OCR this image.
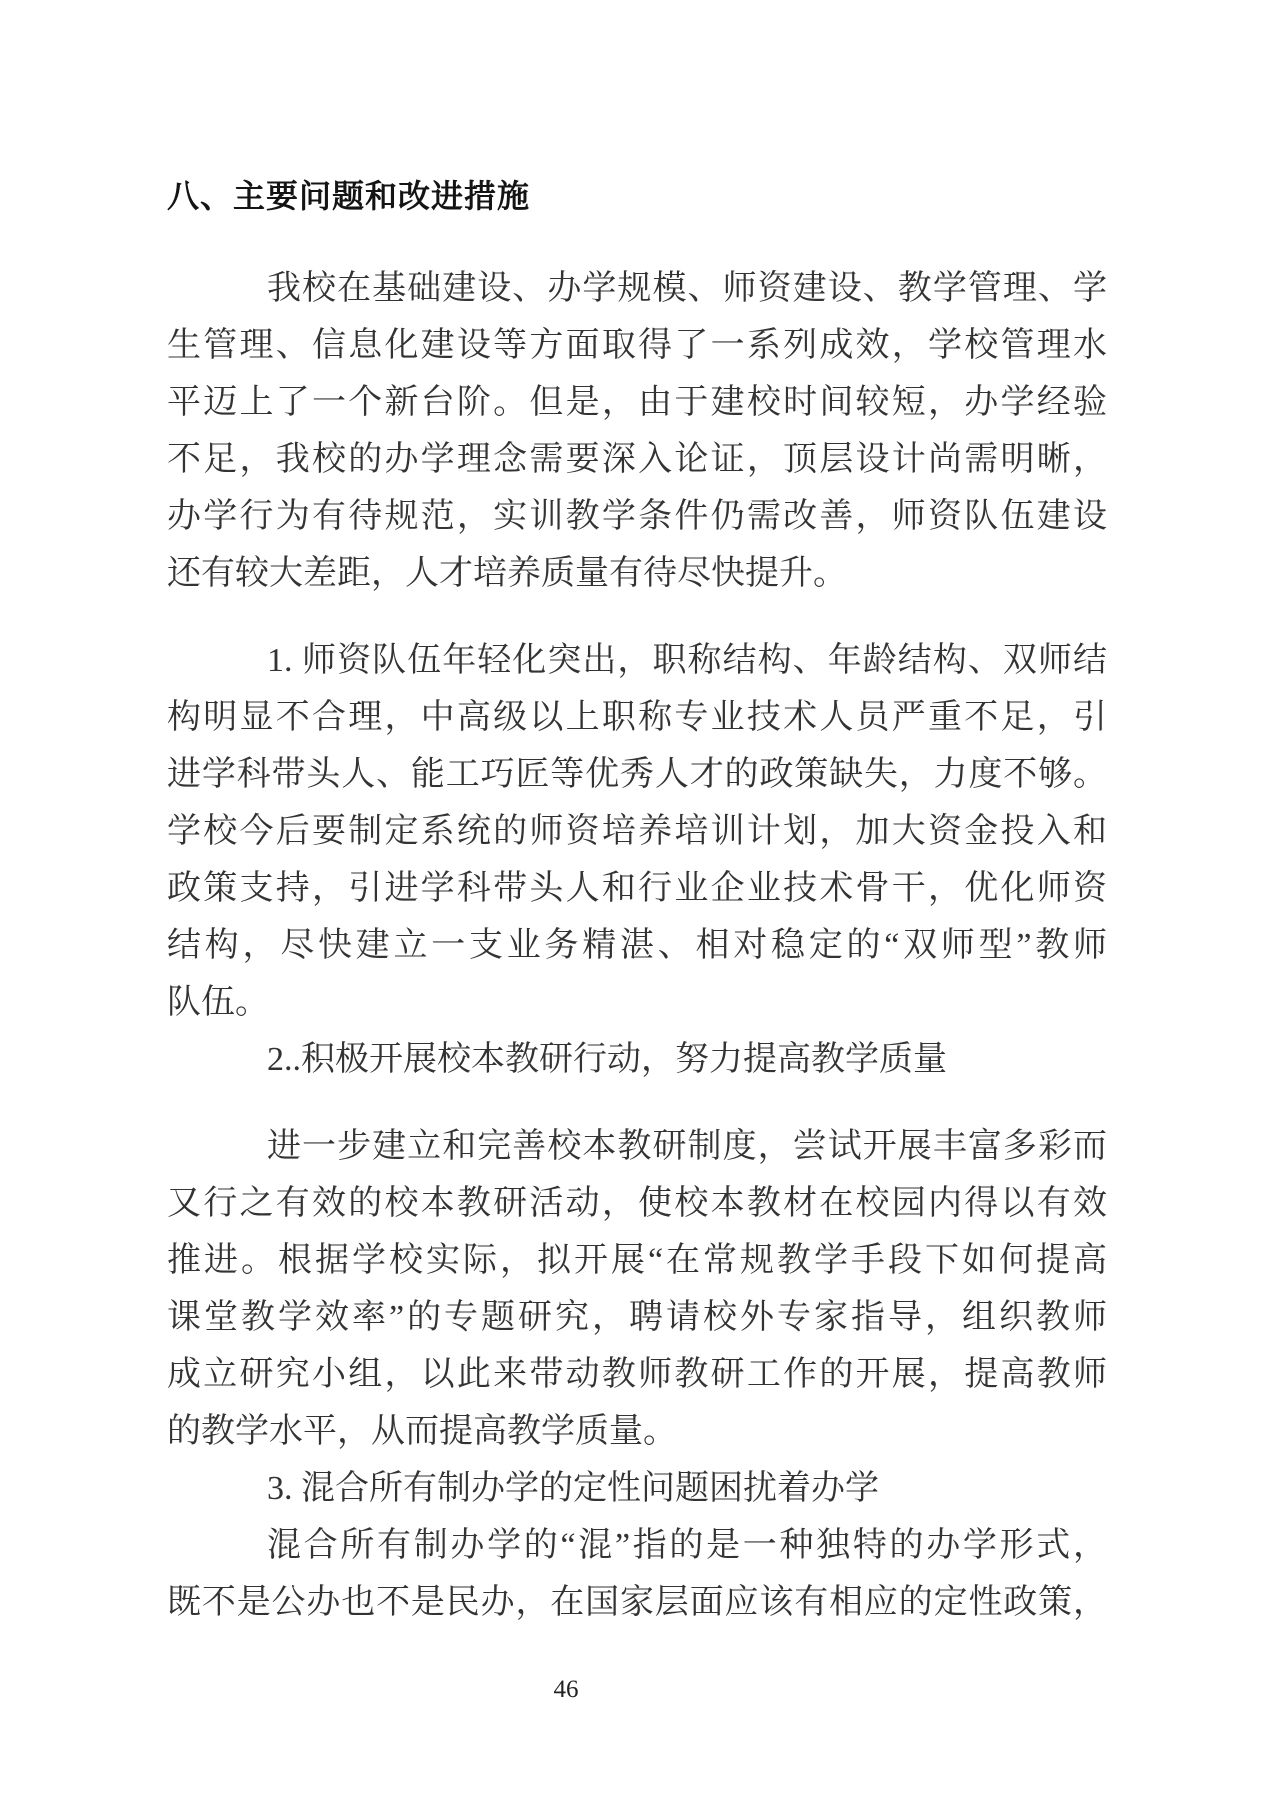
八、主要问题和改进措施
我校在基础建设、办学规模、师资建设、教学管理、学
生管理、信息化建设等方面取得了一系列成效，学校管理水
平迈上了一个新台阶。但是，由于建校时间较短，办学经验
不足，我校的办学理念需要深入论证，顶层设计尚需明晰，
办学行为有待规范，实训教学条件仍需改善，师资队伍建设
还有较大差距，人才培养质量有待尽快提升。
1. 师资队伍年轻化突出，职称结构、年龄结构、双师结
构明显不合理，中高级以上职称专业技术人员严重不足，引
进学科带头人、能工巧匠等优秀人才的政策缺失，力度不够。
学校今后要制定系统的师资培养培训计划，加大资金投入和
政策支持，引进学科带头人和行业企业技术骨干，优化师资
结构，尽快建立一支业务精湛、相对稳定的“双师型”教师
队伍。
2..积极开展校本教研行动，努力提高教学质量
进一步建立和完善校本教研制度，尝试开展丰富多彩而
又行之有效的校本教研活动，使校本教材在校园内得以有效
推进。根据学校实际，拟开展“在常规教学手段下如何提高
课堂教学效率”的专题研究，聘请校外专家指导，组织教师
成立研究小组，以此来带动教师教研工作的开展，提高教师
的教学水平，从而提高教学质量。
3. 混合所有制办学的定性问题困扰着办学
混合所有制办学的“混”指的是一种独特的办学形式，
既不是公办也不是民办，在国家层面应该有相应的定性政策，
46
